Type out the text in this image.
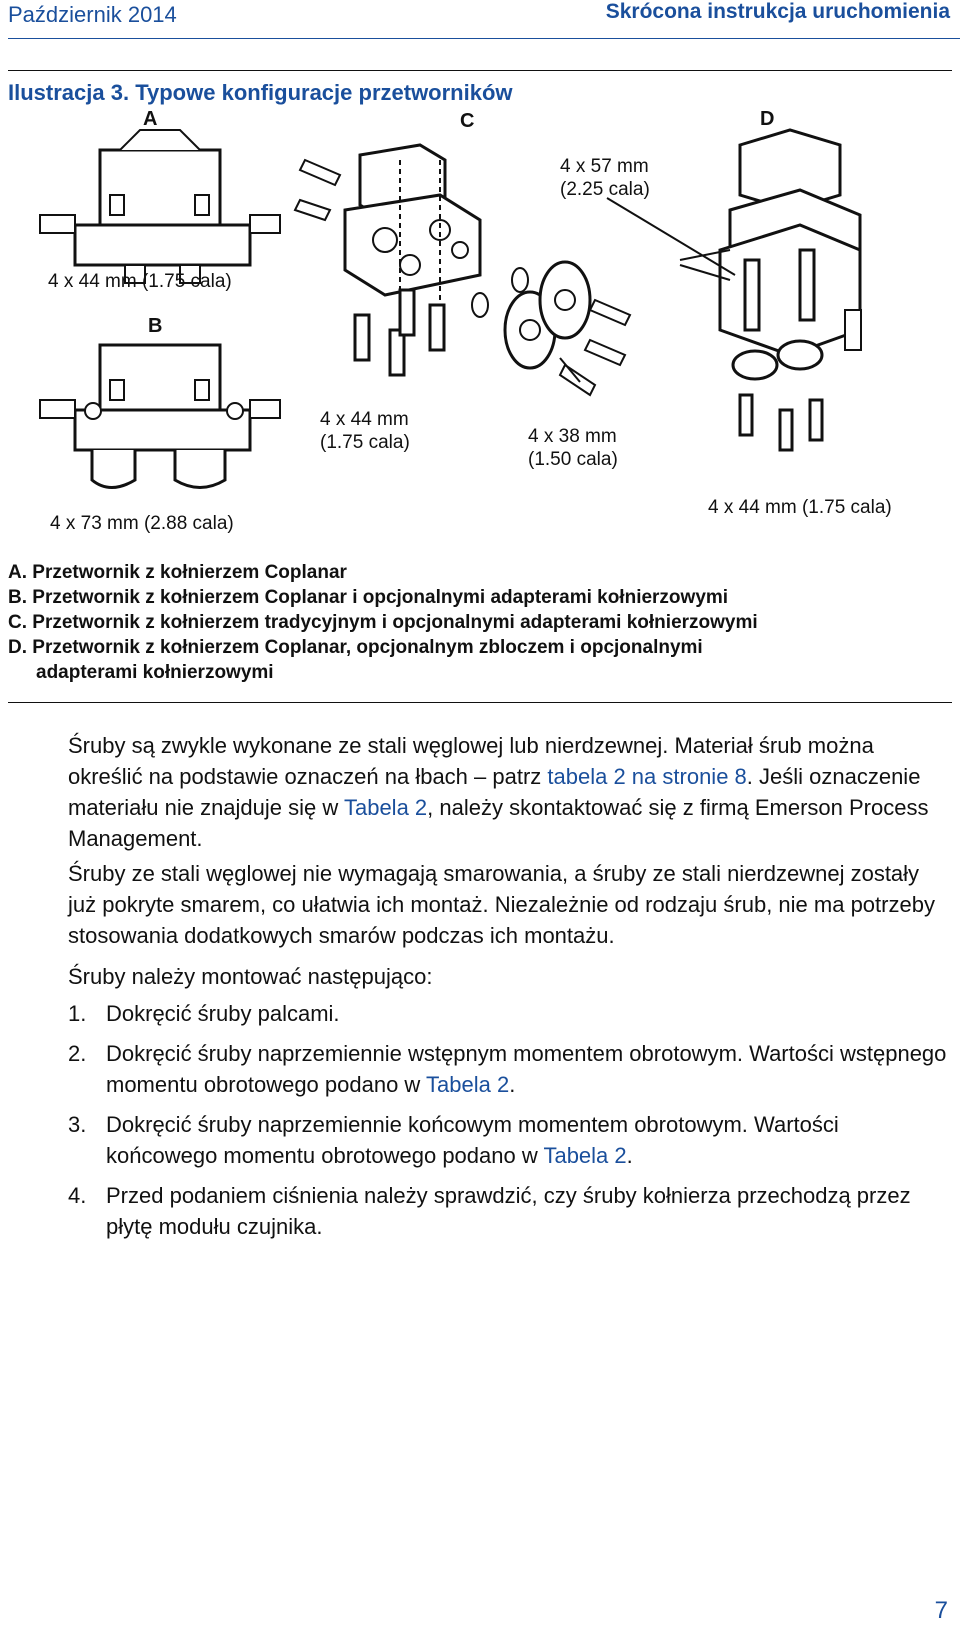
Październik 2014	Skrócona instrukcja uruchomienia
Ilustracja 3. Typowe konfiguracje przetworników
A	C	D
B
4 x 44 mm (1.75 cala)
4 x 73 mm (2.88 cala)
4 x 44 mm
(1.75 cala)	4 x 38 mm
(1.50 cala)
4 x 57 mm
(2.25 cala)
4 x 44 mm (1.75 cala)
A. Przetwornik z kołnierzem Coplanar
B. Przetwornik z kołnierzem Coplanar i opcjonalnymi adapterami kołnierzowymi
C. Przetwornik z kołnierzem tradycyjnym i opcjonalnymi adapterami kołnierzowymi
D. Przetwornik z kołnierzem Coplanar, opcjonalnym zbloczem i opcjonalnymi
adapterami kołnierzowymi

Śruby są zwykle wykonane ze stali węglowej lub nierdzewnej. Materiał śrub można określić na podstawie oznaczeń na łbach – patrz tabela 2 na stronie 8. Jeśli oznaczenie materiału nie znajduje się w Tabela 2, należy skontaktować się z firmą Emerson Process Management.

Śruby ze stali węglowej nie wymagają smarowania, a śruby ze stali nierdzewnej zostały już pokryte smarem, co ułatwia ich montaż. Niezależnie od rodzaju śrub, nie ma potrzeby stosowania dodatkowych smarów podczas ich montażu.

Śruby należy montować następująco:

1. Dokręcić śruby palcami.
2. Dokręcić śruby naprzemiennie wstępnym momentem obrotowym. Wartości wstępnego momentu obrotowego podano w Tabela 2.
3. Dokręcić śruby naprzemiennie końcowym momentem obrotowym. Wartości końcowego momentu obrotowego podano w Tabela 2.
4. Przed podaniem ciśnienia należy sprawdzić, czy śruby kołnierza przechodzą przez płytę modułu czujnika.
7
